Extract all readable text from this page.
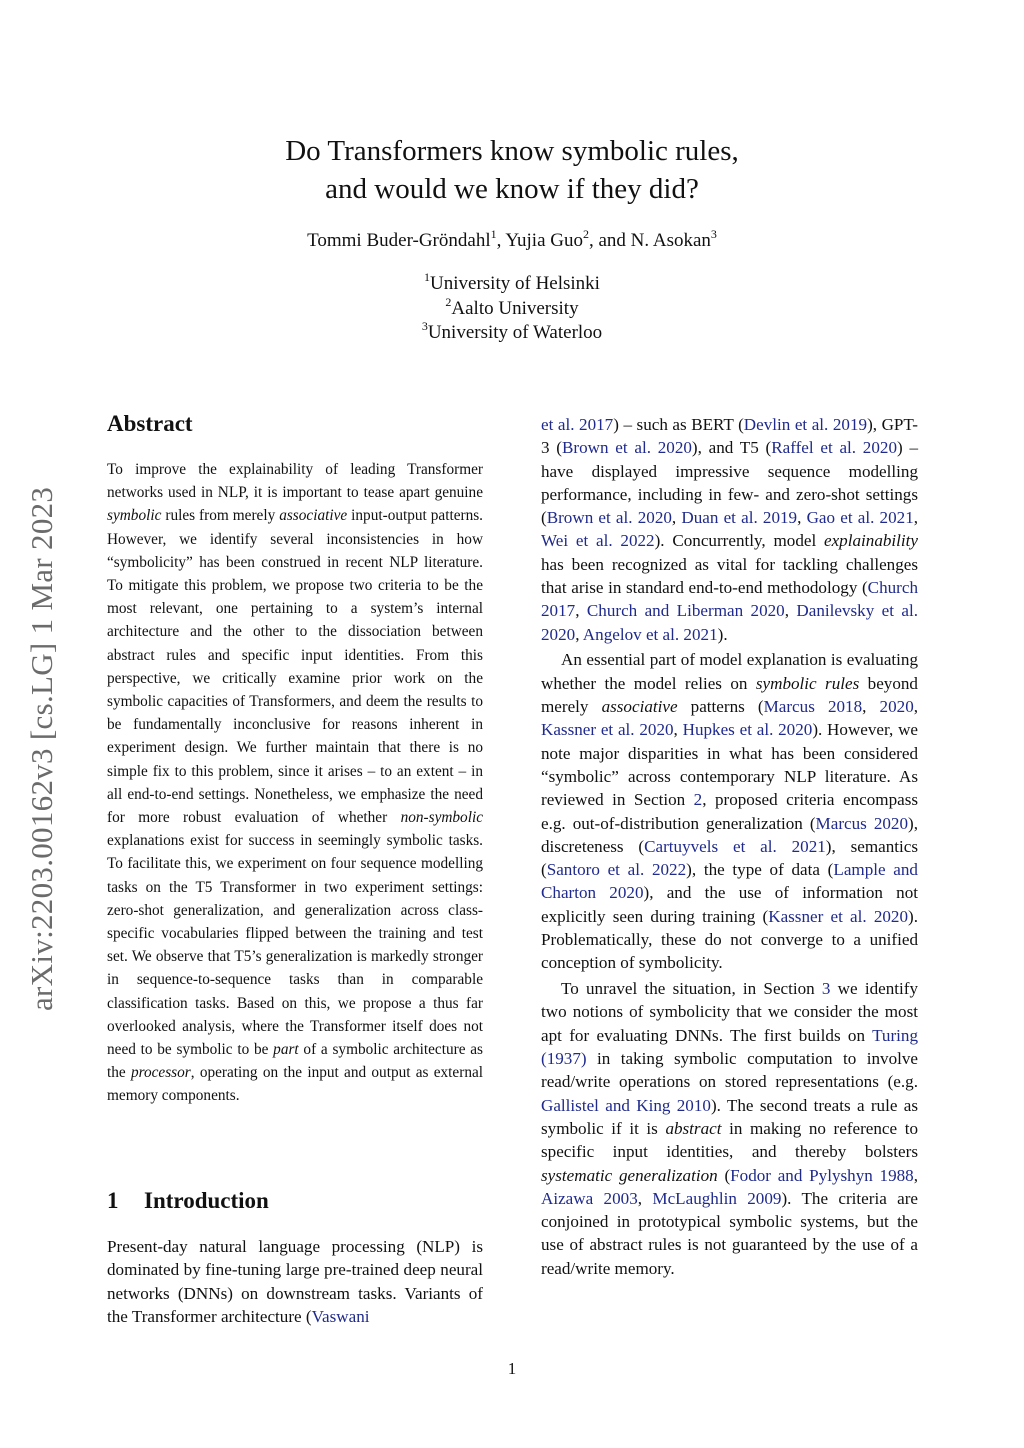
arXiv:2203.00162v3 [cs.LG] 1 Mar 2023
Do Transformers know symbolic rules,
and would we know if they did?
Tommi Buder-Gröndahl$^1$, Yujia Guo$^2$, and N. Asokan$^3$
$^1$University of Helsinki
$^2$Aalto University
$^3$University of Waterloo
Abstract

To improve the explainability of leading Transformer networks used in NLP, it is important to tease apart genuine symbolic rules from merely associative input-output patterns. However, we identify several inconsistencies in how “symbolicity” has been construed in recent NLP literature. To mitigate this problem, we propose two criteria to be the most relevant, one pertaining to a system’s internal architecture and the other to the dissociation between abstract rules and specific input identities. From this perspective, we critically examine prior work on the symbolic capacities of Transformers, and deem the results to be fundamentally inconclusive for reasons inherent in experiment design. We further maintain that there is no simple fix to this problem, since it arises – to an extent – in all end-to-end settings. Nonetheless, we emphasize the need for more robust evaluation of whether non-symbolic explanations exist for success in seemingly symbolic tasks. To facilitate this, we experiment on four sequence modelling tasks on the T5 Transformer in two experiment settings: zero-shot generalization, and generalization across class-specific vocabularies flipped between the training and test set. We observe that T5’s generalization is markedly stronger in sequence-to-sequence tasks than in comparable classification tasks. Based on this, we propose a thus far overlooked analysis, where the Transformer itself does not need to be symbolic to be part of a symbolic architecture as the processor, operating on the input and output as external memory components.

1 Introduction

Present-day natural language processing (NLP) is dominated by fine-tuning large pre-trained deep neural networks (DNNs) on downstream tasks. Variants of the Transformer architecture (Vaswani

et al. 2017) – such as BERT (Devlin et al. 2019), GPT-3 (Brown et al. 2020), and T5 (Raffel et al. 2020) – have displayed impressive sequence modelling performance, including in few- and zero-shot settings (Brown et al. 2020, Duan et al. 2019, Gao et al. 2021, Wei et al. 2022). Concurrently, model explainability has been recognized as vital for tackling challenges that arise in standard end-to-end methodology (Church 2017, Church and Liberman 2020, Danilevsky et al. 2020, Angelov et al. 2021).

An essential part of model explanation is evaluating whether the model relies on symbolic rules beyond merely associative patterns (Marcus 2018, 2020, Kassner et al. 2020, Hupkes et al. 2020). However, we note major disparities in what has been considered “symbolic” across contemporary NLP literature. As reviewed in Section 2, proposed criteria encompass e.g. out-of-distribution generalization (Marcus 2020), discreteness (Cartuyvels et al. 2021), semantics (Santoro et al. 2022), the type of data (Lample and Charton 2020), and the use of information not explicitly seen during training (Kassner et al. 2020). Problematically, these do not converge to a unified conception of symbolicity.

To unravel the situation, in Section 3 we identify two notions of symbolicity that we consider the most apt for evaluating DNNs. The first builds on Turing (1937) in taking symbolic computation to involve read/write operations on stored representations (e.g. Gallistel and King 2010). The second treats a rule as symbolic if it is abstract in making no reference to specific input identities, and thereby bolsters systematic generalization (Fodor and Pylyshyn 1988, Aizawa 2003, McLaughlin 2009). The criteria are conjoined in prototypical symbolic systems, but the use of abstract rules is not guaranteed by the use of a read/write memory.

1
